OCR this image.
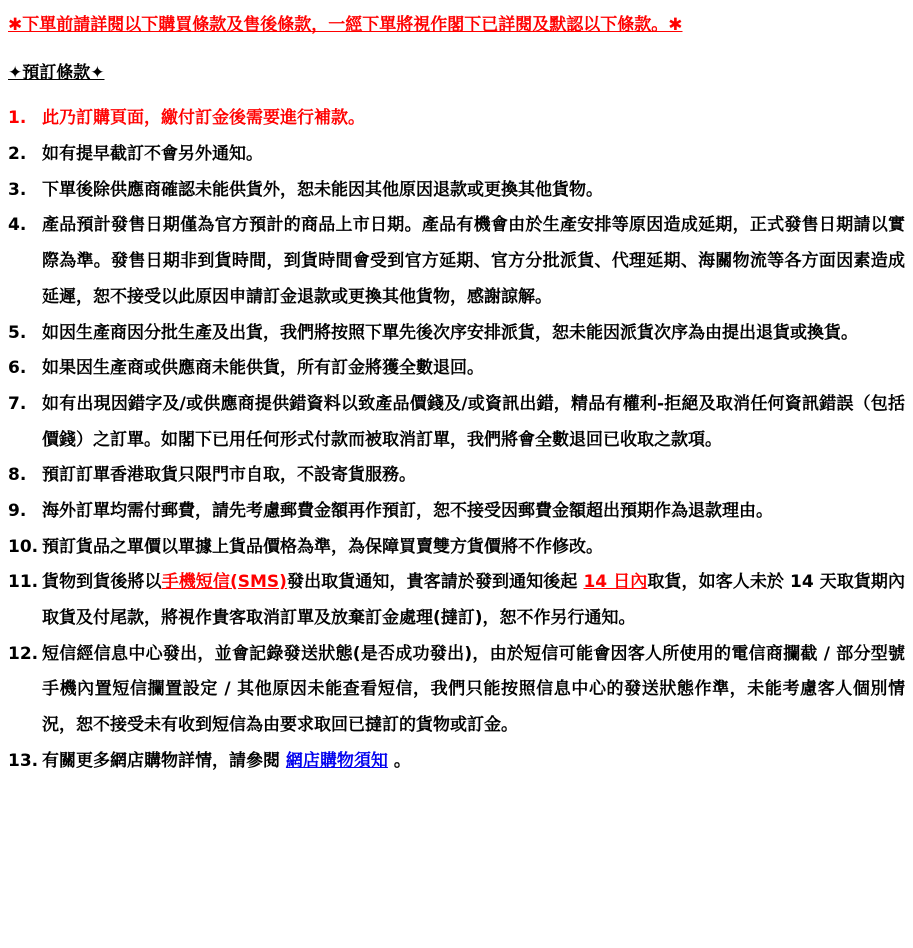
✱下單前請詳閱以下購買條款及售後條款，一經下單將視作閣下已詳閱及默認以下條款。✱
✦預訂條款✦
1. 此乃訂購頁面，繳付訂金後需要進行補款。
2. 如有提早截訂不會另外通知。
3. 下單後除供應商確認未能供貨外，恕未能因其他原因退款或更換其他貨物。
4. 產品預計發售日期僅為官方預計的商品上市日期。產品有機會由於生產安排等原因造成延期，正式發售日期請以實際為準。發售日期非到貨時間，到貨時間會受到官方延期、官方分批派貨、代理延期、海關物流等各方面因素造成延遲，恕不接受以此原因申請訂金退款或更換其他貨物，感謝諒解。
5. 如因生產商因分批生產及出貨，我們將按照下單先後次序安排派貨，恕未能因派貨次序為由提出退貨或換貨。
6. 如果因生產商或供應商未能供貨，所有訂金將獲全數退回。
7. 如有出現因錯字及/或供應商提供錯資料以致產品價錢及/或資訊出錯，精品有權利-拒絕及取消任何資訊錯誤（包括價錢）之訂單。如閣下已用任何形式付款而被取消訂單，我們將會全數退回已收取之款項。
8. 預訂訂單香港取貨只限門市自取，不設寄貨服務。
9. 海外訂單均需付郵費，請先考慮郵費金額再作預訂，恕不接受因郵費金額超出預期作為退款理由。
10. 預訂貨品之單價以單據上貨品價格為準，為保障買賣雙方貨價將不作修改。
11. 貨物到貨後將以手機短信(SMS)發出取貨通知，貴客請於發到通知後起 14 日內取貨，如客人未於 14 天取貨期內取貨及付尾款，將視作貴客取消訂單及放棄訂金處理(撻訂)，恕不作另行通知。
12. 短信經信息中心發出，並會記錄發送狀態(是否成功發出)，由於短信可能會因客人所使用的電信商攔截 / 部分型號手機內置短信攔置設定 / 其他原因未能查看短信，我們只能按照信息中心的發送狀態作準，未能考慮客人個別情況，恕不接受未有收到短信為由要求取回已撻訂的貨物或訂金。
13. 有關更多網店購物詳情，請參閱 網店購物須知 。
